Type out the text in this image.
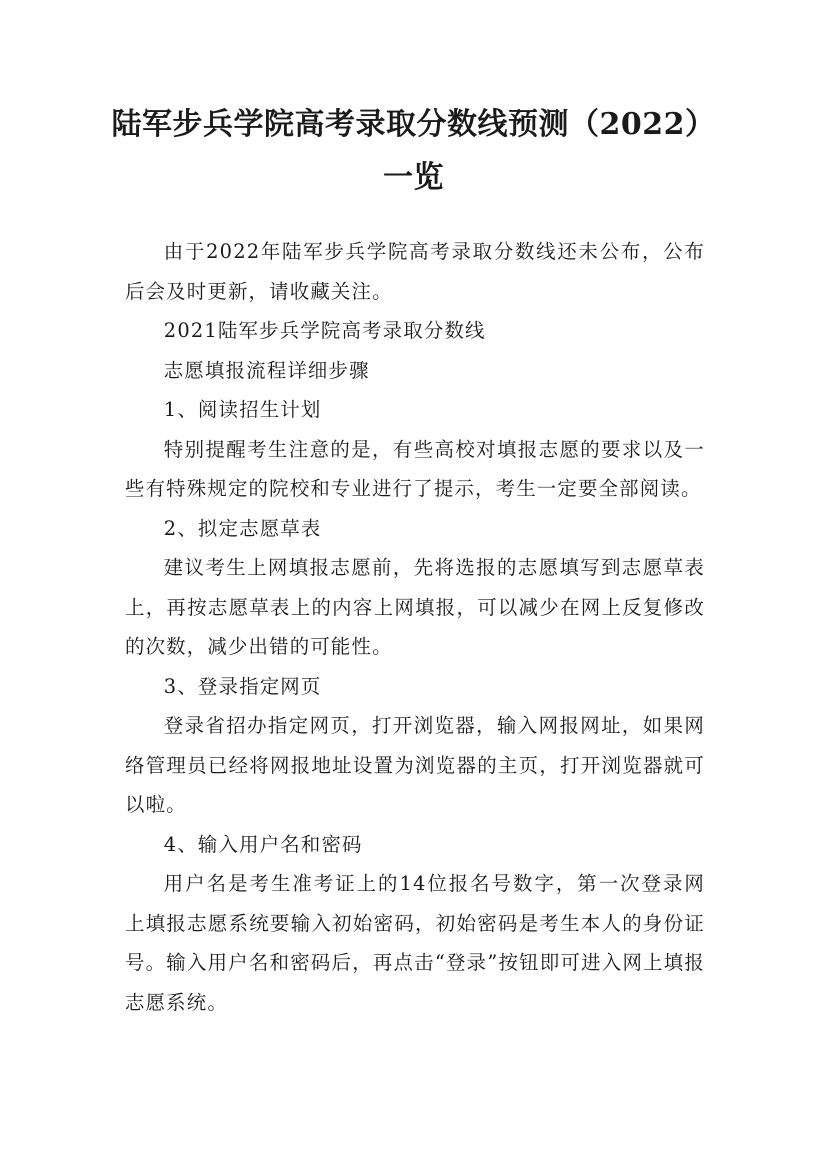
陆军步兵学院高考录取分数线预测（2022）一览

由于2022年陆军步兵学院高考录取分数线还未公布，公布后会及时更新，请收藏关注。

2021陆军步兵学院高考录取分数线

志愿填报流程详细步骤

1、阅读招生计划

特别提醒考生注意的是，有些高校对填报志愿的要求以及一些有特殊规定的院校和专业进行了提示，考生一定要全部阅读。

2、拟定志愿草表

建议考生上网填报志愿前，先将选报的志愿填写到志愿草表上，再按志愿草表上的内容上网填报，可以减少在网上反复修改的次数，减少出错的可能性。

3、登录指定网页

登录省招办指定网页，打开浏览器，输入网报网址，如果网络管理员已经将网报地址设置为浏览器的主页，打开浏览器就可以啦。

4、输入用户名和密码

用户名是考生准考证上的14位报名号数字，第一次登录网上填报志愿系统要输入初始密码，初始密码是考生本人的身份证号。输入用户名和密码后，再点击“登录”按钮即可进入网上填报志愿系统。
